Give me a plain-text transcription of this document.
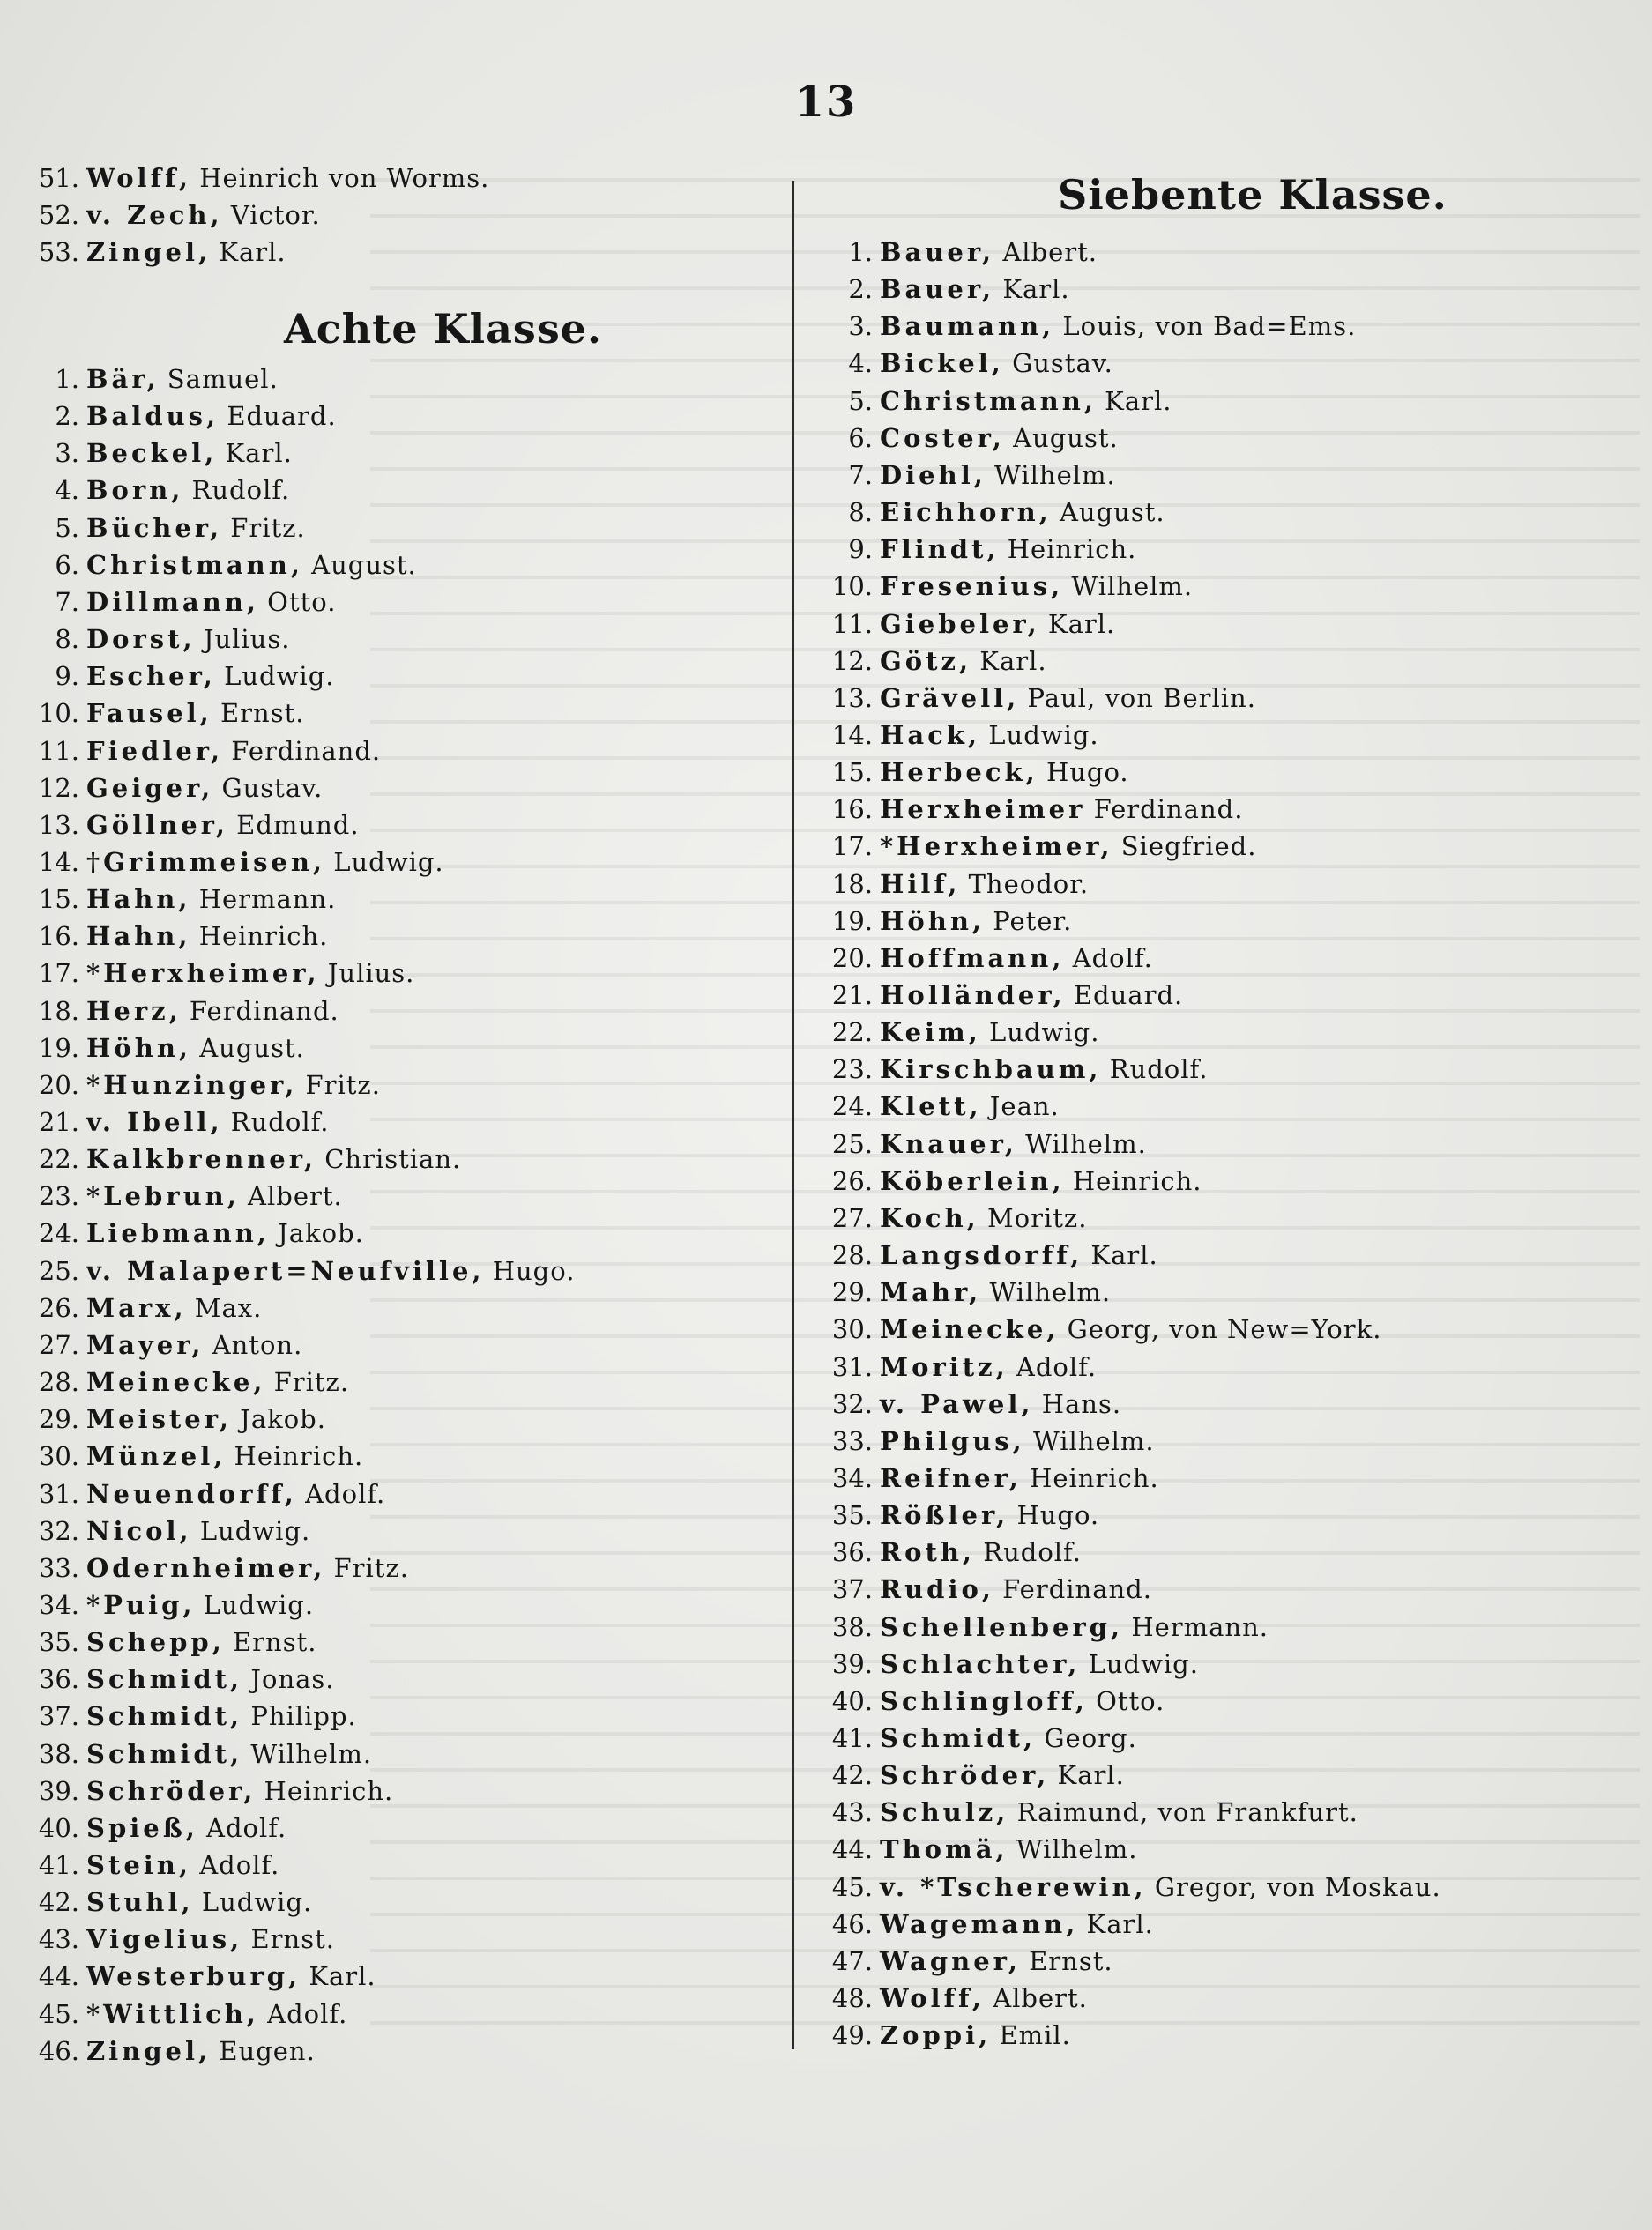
13
51. Wolff, Heinrich von Worms.
52. v. Zech, Victor.
53. Zingel, Karl.
Achte Klasse.
1. Bär, Samuel.
2. Baldus, Eduard.
3. Beckel, Karl.
4. Born, Rudolf.
5. Bücher, Fritz.
6. Christmann, August.
7. Dillmann, Otto.
8. Dorst, Julius.
9. Escher, Ludwig.
10. Fausel, Ernst.
11. Fiedler, Ferdinand.
12. Geiger, Gustav.
13. Göllner, Edmund.
14. †Grimmeisen, Ludwig.
15. Hahn, Hermann.
16. Hahn, Heinrich.
17. *Herxheimer, Julius.
18. Herz, Ferdinand.
19. Höhn, August.
20. *Hunzinger, Fritz.
21. v. Ibell, Rudolf.
22. Kalkbrenner, Christian.
23. *Lebrun, Albert.
24. Liebmann, Jakob.
25. v. Malapert=Neufville, Hugo.
26. Marx, Max.
27. Mayer, Anton.
28. Meinecke, Fritz.
29. Meister, Jakob.
30. Münzel, Heinrich.
31. Neuendorff, Adolf.
32. Nicol, Ludwig.
33. Odernheimer, Fritz.
34. *Puig, Ludwig.
35. Schepp, Ernst.
36. Schmidt, Jonas.
37. Schmidt, Philipp.
38. Schmidt, Wilhelm.
39. Schröder, Heinrich.
40. Spieß, Adolf.
41. Stein, Adolf.
42. Stuhl, Ludwig.
43. Vigelius, Ernst.
44. Westerburg, Karl.
45. *Wittlich, Adolf.
46. Zingel, Eugen.
Siebente Klasse.
1. Bauer, Albert.
2. Bauer, Karl.
3. Baumann, Louis, von Bad=Ems.
4. Bickel, Gustav.
5. Christmann, Karl.
6. Coster, August.
7. Diehl, Wilhelm.
8. Eichhorn, August.
9. Flindt, Heinrich.
10. Fresenius, Wilhelm.
11. Giebeler, Karl.
12. Götz, Karl.
13. Grävell, Paul, von Berlin.
14. Hack, Ludwig.
15. Herbeck, Hugo.
16. Herxheimer Ferdinand.
17. *Herxheimer, Siegfried.
18. Hilf, Theodor.
19. Höhn, Peter.
20. Hoffmann, Adolf.
21. Holländer, Eduard.
22. Keim, Ludwig.
23. Kirschbaum, Rudolf.
24. Klett, Jean.
25. Knauer, Wilhelm.
26. Köberlein, Heinrich.
27. Koch, Moritz.
28. Langsdorff, Karl.
29. Mahr, Wilhelm.
30. Meinecke, Georg, von New=York.
31. Moritz, Adolf.
32. v. Pawel, Hans.
33. Philgus, Wilhelm.
34. Reifner, Heinrich.
35. Rößler, Hugo.
36. Roth, Rudolf.
37. Rudio, Ferdinand.
38. Schellenberg, Hermann.
39. Schlachter, Ludwig.
40. Schlingloff, Otto.
41. Schmidt, Georg.
42. Schröder, Karl.
43. Schulz, Raimund, von Frankfurt.
44. Thomä, Wilhelm.
45. v. *Tscherewin, Gregor, von Moskau.
46. Wagemann, Karl.
47. Wagner, Ernst.
48. Wolff, Albert.
49. Zoppi, Emil.
